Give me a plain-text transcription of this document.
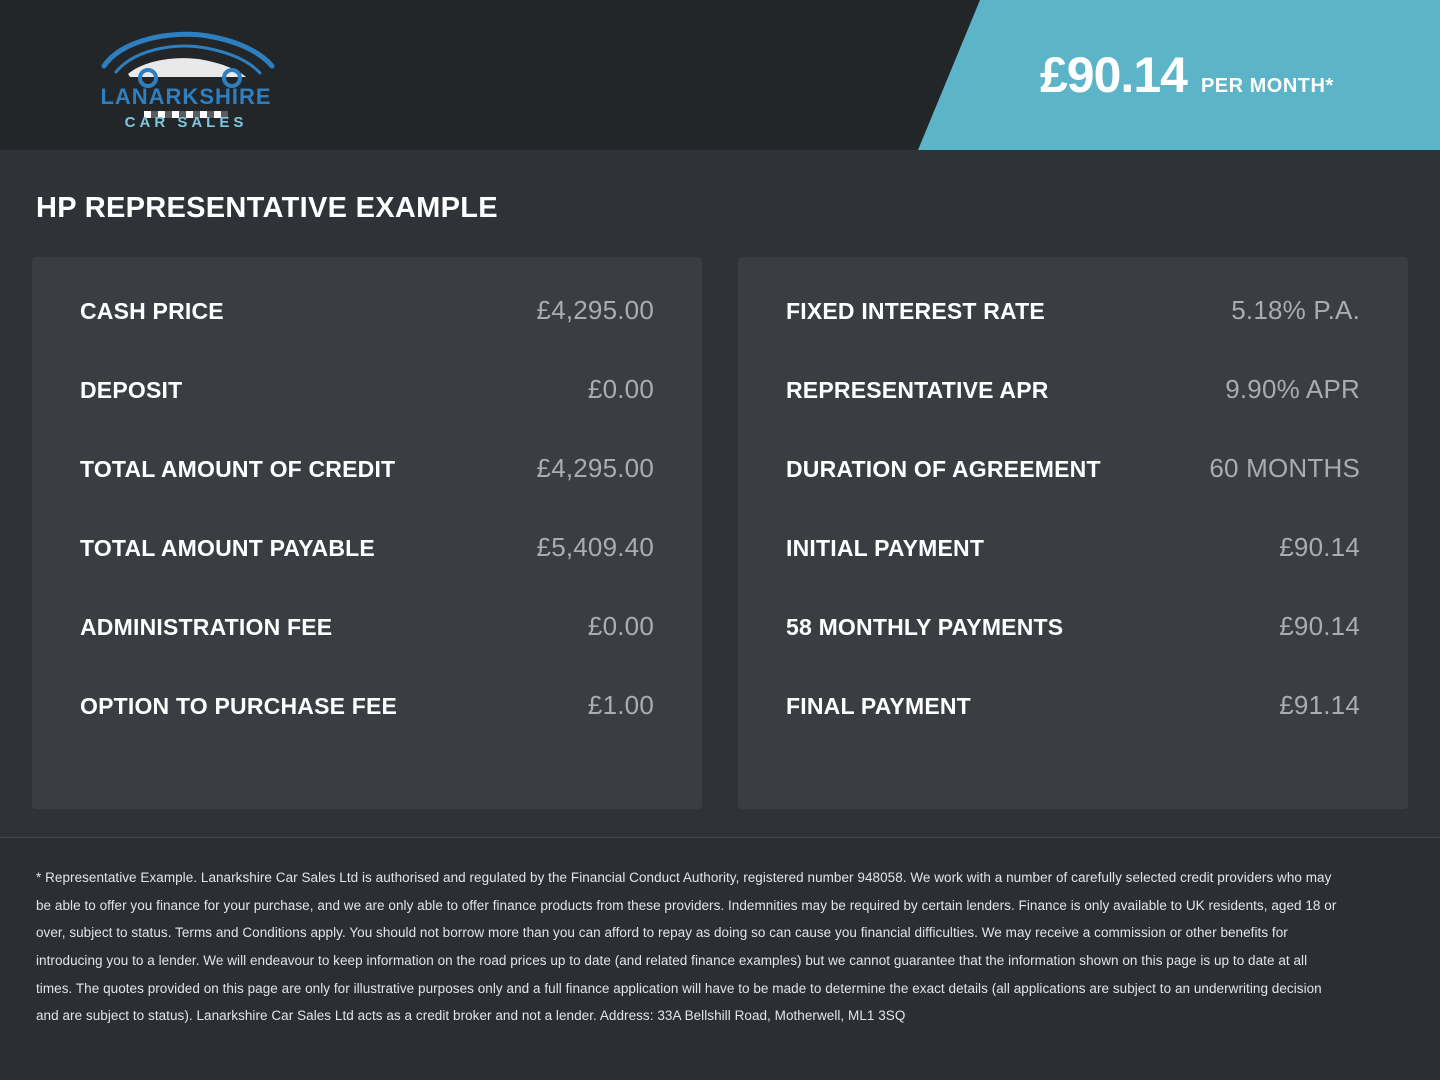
LANARKSHIRE
CAR SALES
£90.14 PER MONTH*
HP REPRESENTATIVE EXAMPLE
CASH PRICE	£4,295.00
DEPOSIT	£0.00
TOTAL AMOUNT OF CREDIT	£4,295.00
TOTAL AMOUNT PAYABLE	£5,409.40
ADMINISTRATION FEE	£0.00
OPTION TO PURCHASE FEE	£1.00
FIXED INTEREST RATE	5.18% P.A.
REPRESENTATIVE APR	9.90% APR
DURATION OF AGREEMENT	60 MONTHS
INITIAL PAYMENT	£90.14
58 MONTHLY PAYMENTS	£90.14
FINAL PAYMENT	£91.14

* Representative Example. Lanarkshire Car Sales Ltd is authorised and regulated by the Financial Conduct Authority, registered number 948058. We work with a number of carefully selected credit providers who may be able to offer you finance for your purchase, and we are only able to offer finance products from these providers. Indemnities may be required by certain lenders. Finance is only available to UK residents, aged 18 or over, subject to status. Terms and Conditions apply. You should not borrow more than you can afford to repay as doing so can cause you financial difficulties. We may receive a commission or other benefits for introducing you to a lender. We will endeavour to keep information on the road prices up to date (and related finance examples) but we cannot guarantee that the information shown on this page is up to date at all times. The quotes provided on this page are only for illustrative purposes only and a full finance application will have to be made to determine the exact details (all applications are subject to an underwriting decision and are subject to status). Lanarkshire Car Sales Ltd acts as a credit broker and not a lender. Address: 33A Bellshill Road, Motherwell, ML1 3SQ
